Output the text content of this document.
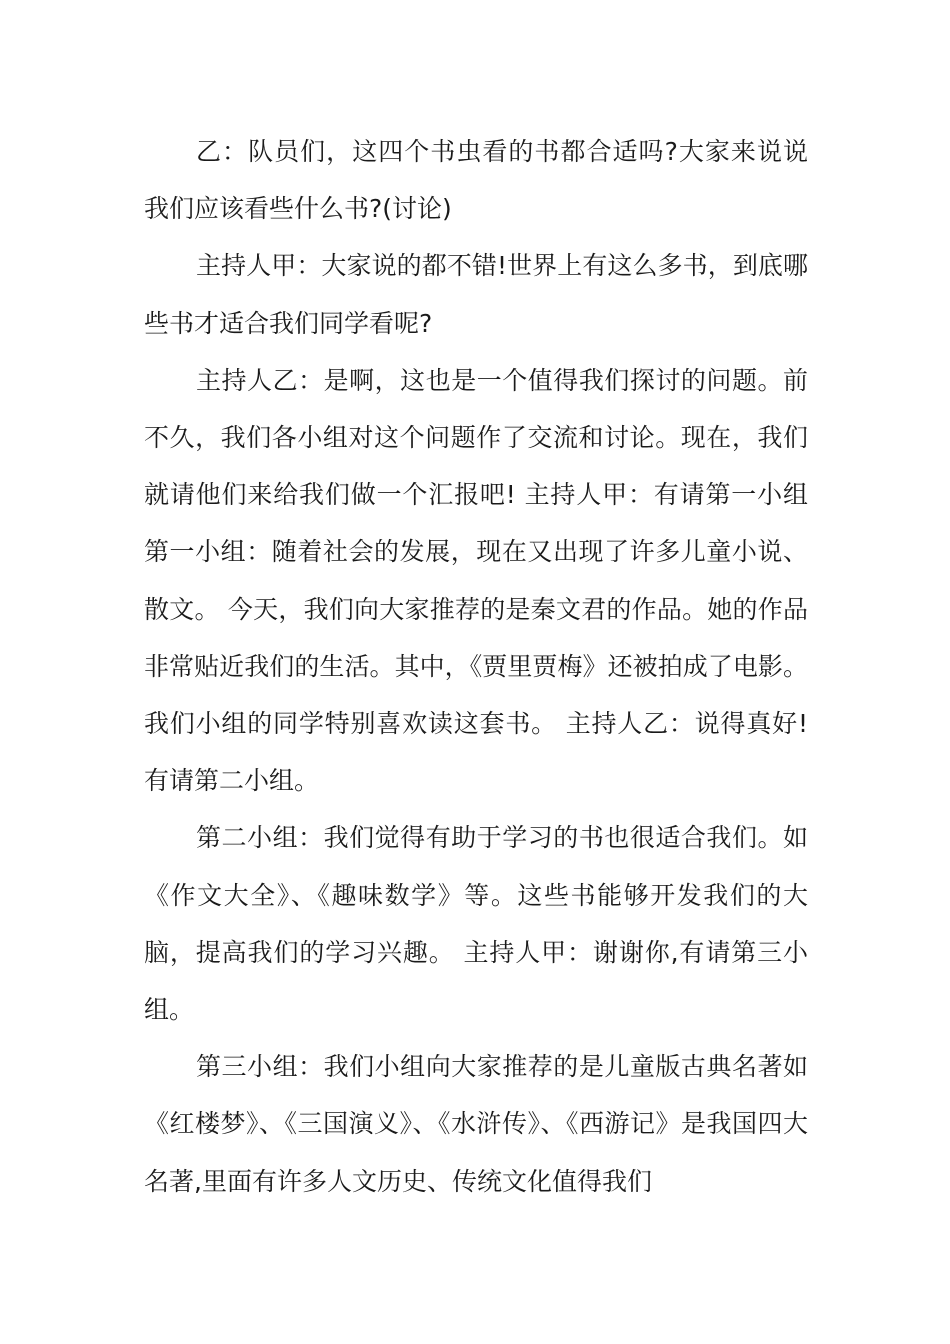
乙：队员们，这四个书虫看的书都合适吗?大家来说说我们应该看些什么书?(讨论)

主持人甲：大家说的都不错!世界上有这么多书，到底哪些书才适合我们同学看呢?

主持人乙：是啊，这也是一个值得我们探讨的问题。前不久，我们各小组对这个问题作了交流和讨论。现在，我们就请他们来给我们做一个汇报吧! 主持人甲：有请第一小组 第一小组：随着社会的发展，现在又出现了许多儿童小说、散文。 今天，我们向大家推荐的是秦文君的作品。她的作品非常贴近我们的生活。其中，《贾里贾梅》还被拍成了电影。我们小组的同学特别喜欢读这套书。 主持人乙：说得真好!有请第二小组。

第二小组：我们觉得有助于学习的书也很适合我们。如《作文大全》、《趣味数学》等。这些书能够开发我们的大脑，提高我们的学习兴趣。 主持人甲：谢谢你,有请第三小组。

第三小组：我们小组向大家推荐的是儿童版古典名著如《红楼梦》、《三国演义》、《水浒传》、《西游记》是我国四大名著,里面有许多人文历史、传统文化值得我们
